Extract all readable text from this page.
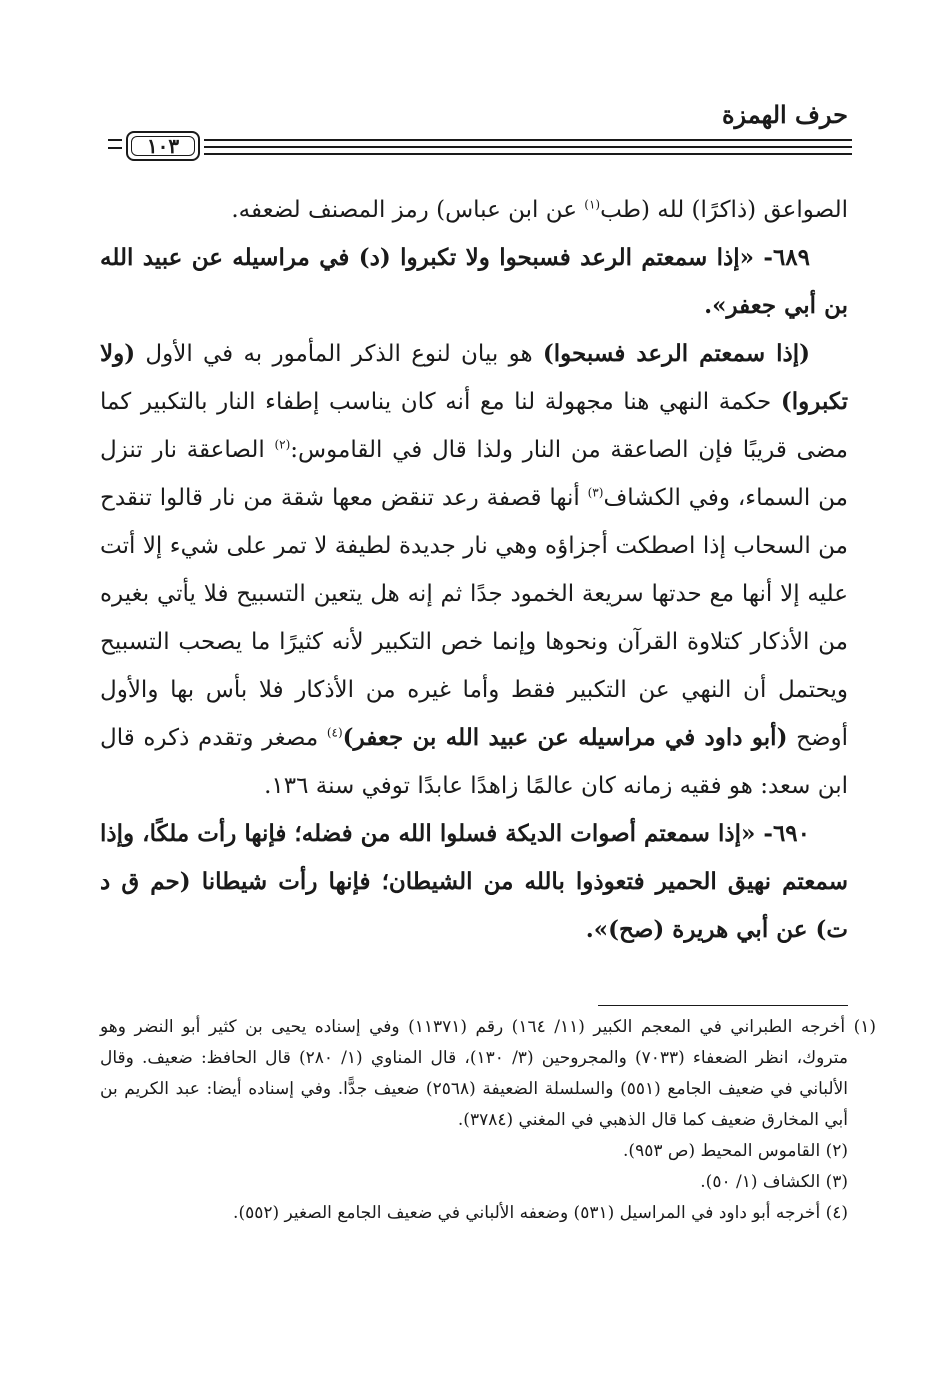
حرف الهمزة
١٠٣

الصواعق (ذاكرًا) لله (طب$^{(١)}$ عن ابن عباس) رمز المصنف لضعفه.

٦٨٩- «إذا سمعتم الرعد فسبحوا ولا تكبروا (د) في مراسيله عن عبيد الله بن أبي جعفر».

(إذا سمعتم الرعد فسبحوا) هو بيان لنوع الذكر المأمور به في الأول (ولا تكبروا) حكمة النهي هنا مجهولة لنا مع أنه كان يناسب إطفاء النار بالتكبير كما مضى قريبًا فإن الصاعقة من النار ولذا قال في القاموس:$^{(٢)}$ الصاعقة نار تنزل من السماء، وفي الكشاف$^{(٣)}$ أنها قصفة رعد تنقض معها شقة من نار قالوا تنقدح من السحاب إذا اصطكت أجزاؤه وهي نار جديدة لطيفة لا تمر على شيء إلا أتت عليه إلا أنها مع حدتها سريعة الخمود جدًا ثم إنه هل يتعين التسبيح فلا يأتي بغيره من الأذكار كتلاوة القرآن ونحوها وإنما خص التكبير لأنه كثيرًا ما يصحب التسبيح ويحتمل أن النهي عن التكبير فقط وأما غيره من الأذكار فلا بأس بها والأول أوضح (أبو داود في مراسيله عن عبيد الله بن جعفر)$^{(٤)}$ مصغر وتقدم ذكره قال ابن سعد: هو فقيه زمانه كان عالمًا زاهدًا عابدًا توفي سنة ١٣٦.

٦٩٠- «إذا سمعتم أصوات الديكة فسلوا الله من فضله؛ فإنها رأت ملكًا، وإذا سمعتم نهيق الحمير فتعوذوا بالله من الشيطان؛ فإنها رأت شيطانا (حم ق د ت) عن أبي هريرة (صح)».

(١) أخرجه الطبراني في المعجم الكبير (١١/ ١٦٤) رقم (١١٣٧١) وفي إسناده يحيى بن كثير أبو النضر وهو متروك، انظر الضعفاء (٧٠٣٣) والمجروحين (٣/ ١٣٠)، قال المناوي (١/ ٢٨٠) قال الحافظ: ضعيف. وقال الألباني في ضعيف الجامع (٥٥١) والسلسلة الضعيفة (٢٥٦٨) ضعيف جدًّا. وفي إسناده أيضا: عبد الكريم بن أبي المخارق ضعيف كما قال الذهبي في المغني (٣٧٨٤).

(٢) القاموس المحيط (ص ٩٥٣).

(٣) الكشاف (١/ ٥٠).

(٤) أخرجه أبو داود في المراسيل (٥٣١) وضعفه الألباني في ضعيف الجامع الصغير (٥٥٢).
